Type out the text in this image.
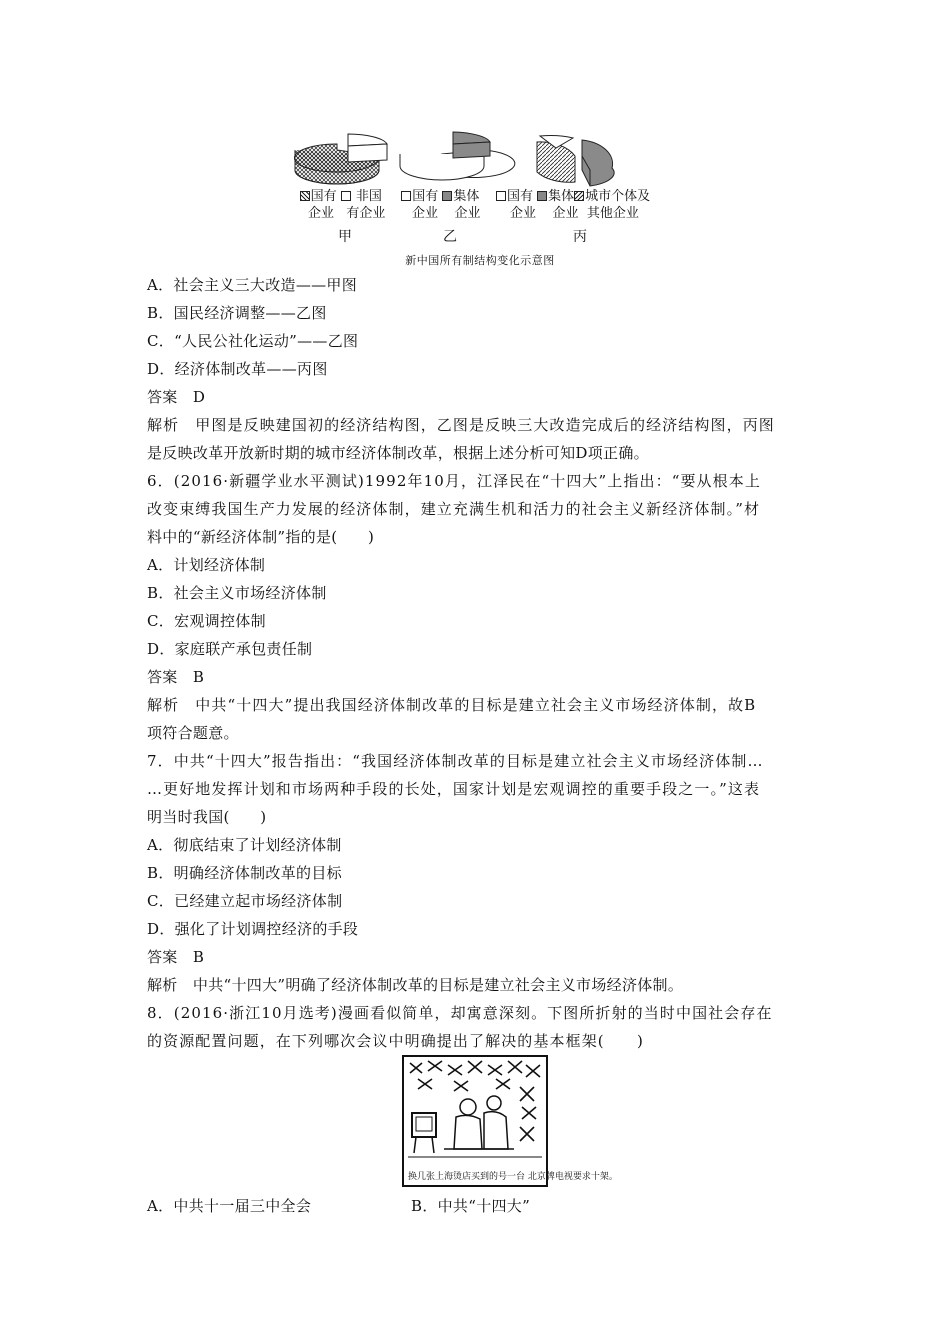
国有 非国
企业 有企业
国有 集体
企业 企业
国有 集体 城市个体及
企业 企业 其他企业
甲	乙	丙
新中国所有制结构变化示意图
A．社会主义三大改造——甲图
B．国民经济调整——乙图
C．“人民公社化运动”——乙图
D．经济体制改革——丙图
答案　D
解析　甲图是反映建国初的经济结构图，乙图是反映三大改造完成后的经济结构图，丙图
是反映改革开放新时期的城市经济体制改革，根据上述分析可知D项正确。
6．(2016·新疆学业水平测试)1992年10月，江泽民在“十四大”上指出：“要从根本上
改变束缚我国生产力发展的经济体制，建立充满生机和活力的社会主义新经济体制。”材
料中的“新经济体制”指的是(　　)
A．计划经济体制
B．社会主义市场经济体制
C．宏观调控体制
D．家庭联产承包责任制
答案　B
解析　中共“十四大”提出我国经济体制改革的目标是建立社会主义市场经济体制，故B
项符合题意。
7．中共“十四大”报告指出：“我国经济体制改革的目标是建立社会主义市场经济体制…
…更好地发挥计划和市场两种手段的长处，国家计划是宏观调控的重要手段之一。”这表
明当时我国(　　)
A．彻底结束了计划经济体制
B．明确经济体制改革的目标
C．已经建立起市场经济体制
D．强化了计划调控经济的手段
答案　B
解析　中共“十四大”明确了经济体制改革的目标是建立社会主义市场经济体制。
8．(2016·浙江10月选考)漫画看似简单，却寓意深刻。下图所折射的当时中国社会存在
的资源配置问题，在下列哪次会议中明确提出了解决的基本框架(　　)
换几张上海烫店买到的号一台 北京牌电视要求十架。
A．中共十一届三中全会	B．中共“十四大”
